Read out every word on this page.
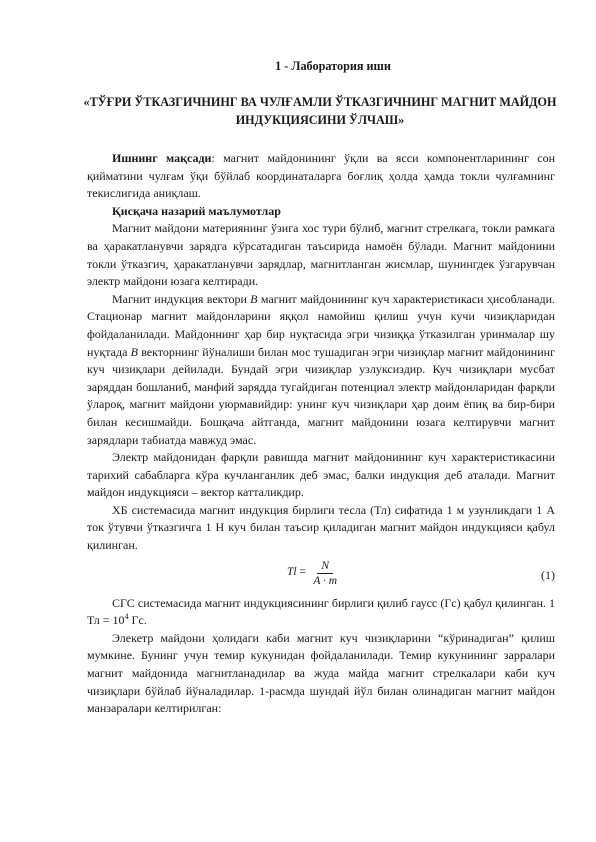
1 - Лаборатория иши
«ТЎҒРИ ЎТКАЗГИЧНИНГ ВА ЧУЛҒАМЛИ ЎТКАЗГИЧНИНГ МАГНИТ МАЙДОН ИНДУКЦИЯСИНИ ЎЛЧАШ»

Ишнинг мақсади: магнит майдонининг ўқли ва ясси компонентларининг сон қийматини чулғам ўқи бўйлаб координаталарга боғлиқ ҳолда ҳамда токли чулғамнинг текислигида аниқлаш.

Қисқача назарий маълумотлар

Магнит майдони материянинг ўзига хос тури бўлиб, магнит стрелкага, токли рамкага ва ҳаракатланувчи зарядга кўрсатадиган таъсирида намоён бўлади. Магнит майдонини токли ўтказгич, ҳаракатланувчи зарядлар, магнитланган жисмлар, шунингдек ўзгарувчан электр майдони юзага келтиради.

Магнит индукция вектори B магнит майдонининг куч характеристикаси ҳисобланади. Стационар магнит майдонларини яққол намойиш қилиш учун кучи чизиқларидан фойдаланилади. Майдоннинг ҳар бир нуқтасида эгри чизиққа ўтказилган уринмалар шу нуқтада B векторнинг йўналиши билан мос тушадиган эгри чизиқлар магнит майдонининг куч чизиқлари дейилади. Бундай эгри чизиқлар узлуксиздир. Куч чизиқлари мусбат заряддан бошланиб, манфий зарядда тугайдиган потенциал электр майдонларидан фарқли ўлароқ, магнит майдони уюрмавийдир: унинг куч чизиқлари ҳар доим ёпиқ ва бир-бири билан кесишмайди. Бошқача айтганда, магнит майдонини юзага келтирувчи магнит зарядлари табиатда мавжуд эмас.

Электр майдонидан фарқли равишда магнит майдонининг куч характеристикасини тарихий сабабларга кўра кучланганлик деб эмас, балки индукция деб аталади. Магнит майдон индукцияси – вектор катталикдир.

ХБ системасида магнит индукция бирлиги тесла (Тл) сифатида 1 м узунликдаги 1 А ток ўтувчи ўтказгичга 1 Н куч билан таъсир қиладиган магнит майдон индукцияси қабул қилинган.

$Tl = \frac{N}{A \cdot m}$	(1)

СГС системасида магнит индукциясининг бирлиги қилиб гаусс (Гс) қабул қилинган. 1 Тл = $10^4$ Гс.

Элекетр майдони ҳолидаги каби магнит куч чизиқларини “кўринадиган” қилиш мумкине. Бунинг учун темир кукунидан фойдаланилади. Темир кукунининг зарралари магнит майдонида магнитланадилар ва жуда майда магнит стрелкалари каби куч чизиқлари бўйлаб йўналадилар. 1-расмда шундай йўл билан олинадиган магнит майдон манзаралари келтирилган:
